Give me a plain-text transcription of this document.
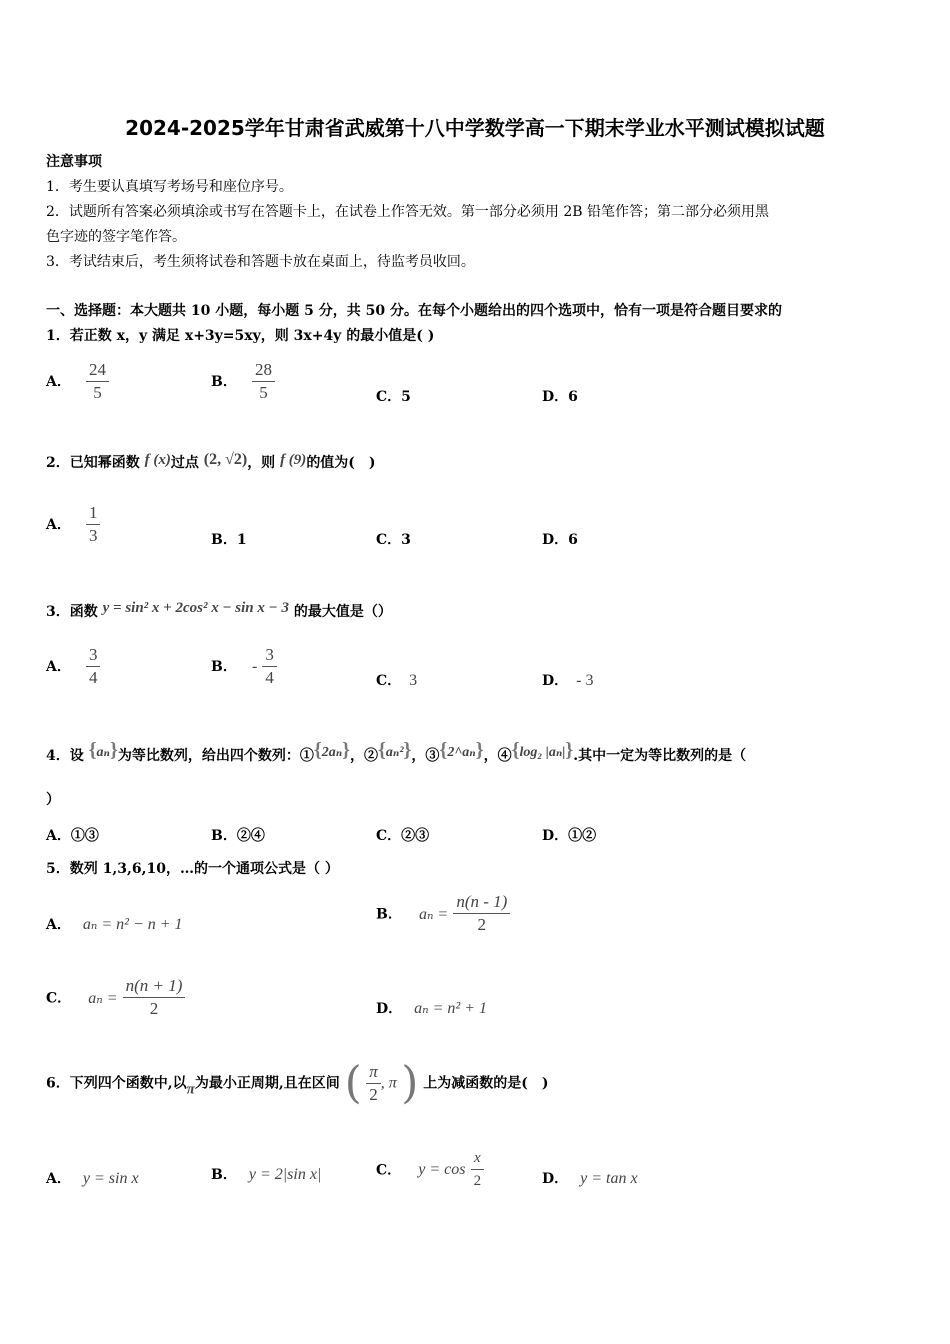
2024-2025学年甘肃省武威第十八中学数学高一下期末学业水平测试模拟试题
注意事项
1．考生要认真填写考场号和座位序号。
2．试题所有答案必须填涂或书写在答题卡上，在试卷上作答无效。第一部分必须用 2B 铅笔作答；第二部分必须用黑
色字迹的签字笔作答。
3．考试结束后，考生须将试卷和答题卡放在桌面上，待监考员收回。
一、选择题：本大题共 10 小题，每小题 5 分，共 50 分。在每个小题给出的四个选项中，恰有一项是符合题目要求的
1．若正数 x，y 满足 x+3y=5xy，则 3x+4y 的最小值是( )
A． $\frac{24}{5}$	B． $\frac{28}{5}$	C．5	D．6
2．已知幂函数 f (x)过点 (2, √2)，则 f (9)的值为(　)
A． $\frac{1}{3}$	B．1	C．3	D．6
3．函数 y = sin² x + 2cos² x − sin x − 3 的最大值是（）
A． $\frac{3}{4}$	B． - $\frac{3}{4}$	C． 3	D． - 3
4．设 {aₙ}为等比数列，给出四个数列：①{2aₙ}，②{aₙ²}，③{2^aₙ}，④{log₂ |aₙ|}.其中一定为等比数列的是（
）
A．①③	B．②④	C．②③	D．①②
5．数列 1,3,6,10，…的一个通项公式是（ ）
A． aₙ = n² − n + 1
B． $a_n = \frac{n(n - 1)}{2}$
C． $a_n = \frac{n(n + 1)}{2}$	D． aₙ = n² + 1
6．下列四个函数中,以π为最小正周期,且在区间 ( $\frac{\pi}{2}$ , π ) 上为减函数的是(　)
A． y = sin x	B． y = 2|sin x|	C． $y = \cos \frac{x}{2}$	D． y = tan x
